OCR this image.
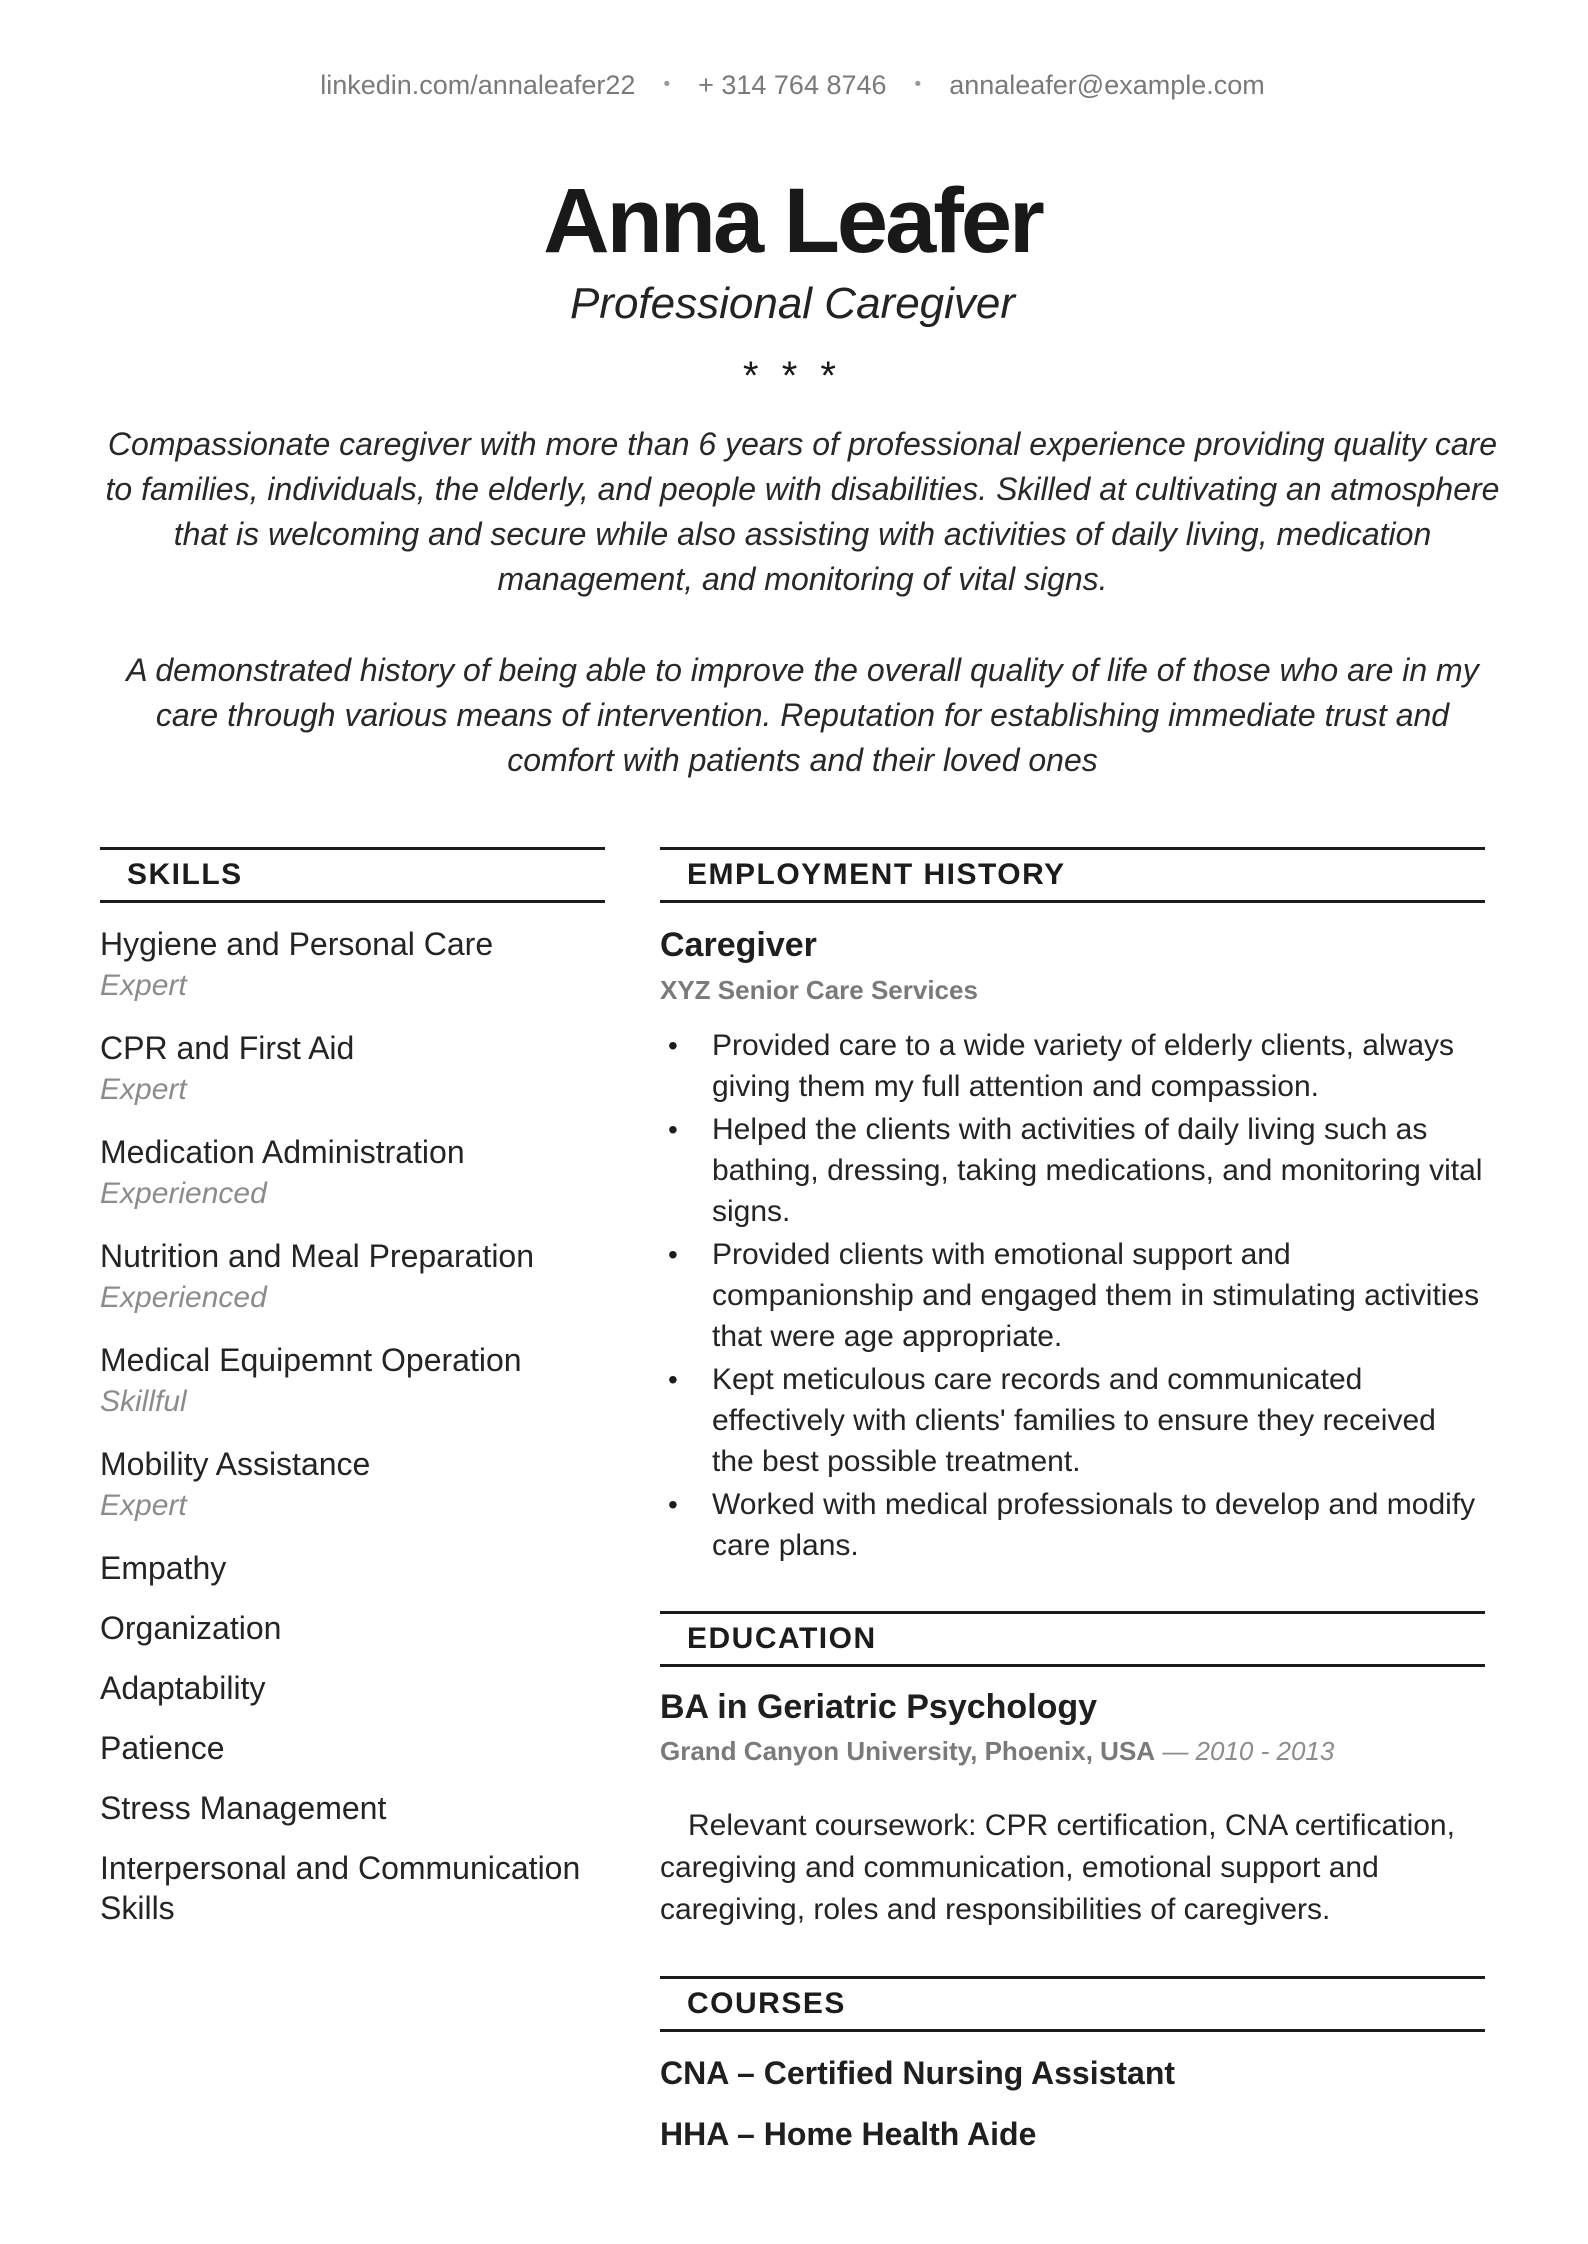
linkedin.com/annaleafer22 • + 314 764 8746 • annaleafer@example.com
Anna Leafer
Professional Caregiver
* * *

Compassionate caregiver with more than 6 years of professional experience providing quality care to families, individuals, the elderly, and people with disabilities. Skilled at cultivating an atmosphere that is welcoming and secure while also assisting with activities of daily living, medication management, and monitoring of vital signs.

A demonstrated history of being able to improve the overall quality of life of those who are in my care through various means of intervention. Reputation for establishing immediate trust and comfort with patients and their loved ones

SKILLS
Hygiene and Personal Care
Expert
CPR and First Aid
Expert
Medication Administration
Experienced
Nutrition and Meal Preparation
Experienced
Medical Equipemnt Operation
Skillful
Mobility Assistance
Expert
Empathy
Organization
Adaptability
Patience
Stress Management
Interpersonal and Communication Skills
EMPLOYMENT HISTORY
Caregiver
XYZ Senior Care Services
•
Provided care to a wide variety of elderly clients, always giving them my full attention and compassion.
•
Helped the clients with activities of daily living such as bathing, dressing, taking medications, and monitoring vital signs.
•
Provided clients with emotional support and companionship and engaged them in stimulating activities that were age appropriate.
•
Kept meticulous care records and communicated effectively with clients' families to ensure they received the best possible treatment.
•
Worked with medical professionals to develop and modify care plans.
EDUCATION
BA in Geriatric Psychology
Grand Canyon University, Phoenix, USA — 2010 - 2013

Relevant coursework: CPR certification, CNA certification, caregiving and communication, emotional support and caregiving, roles and responsibilities of caregivers.

COURSES
CNA – Certified Nursing Assistant
HHA – Home Health Aide
